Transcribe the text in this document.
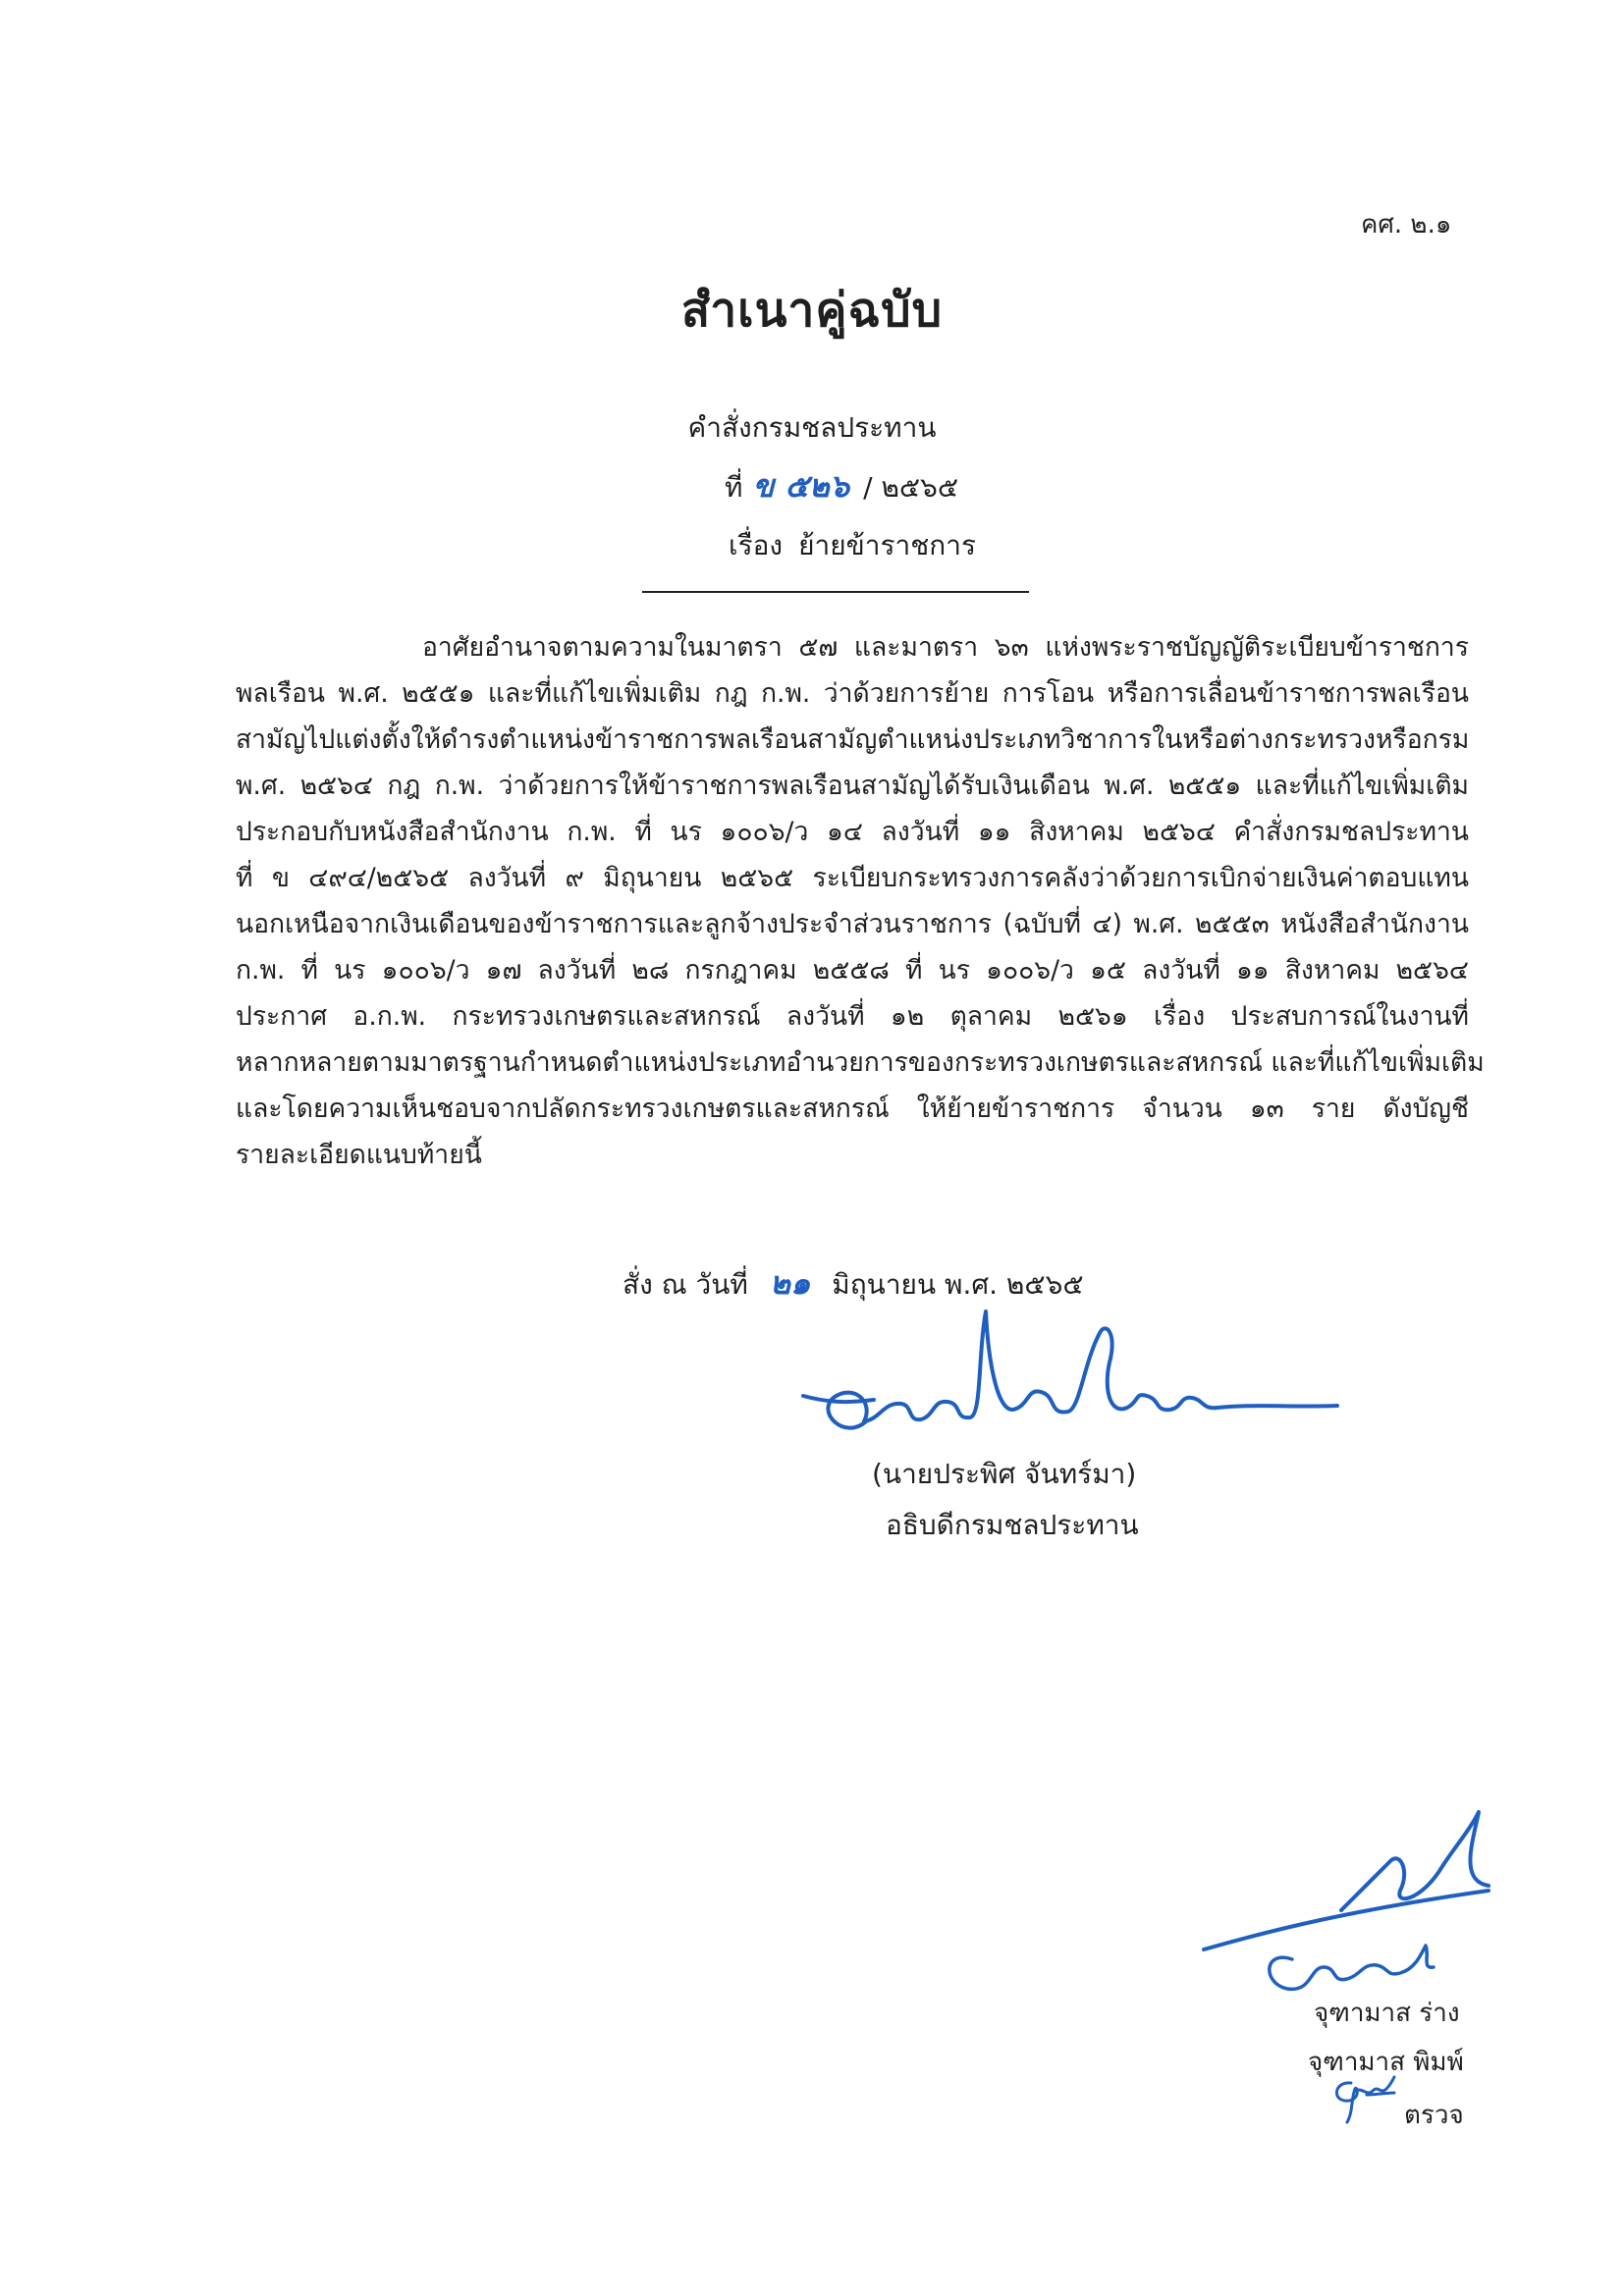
คศ. ๒.๑
สำเนาคู่ฉบับ
คำสั่งกรมชลประทาน
ที่ ข ๕๒๖ / ๒๕๖๕
เรื่อง ย้ายข้าราชการ
อาศัยอำนาจตามความในมาตรา ๕๗ และมาตรา ๖๓ แห่งพระราชบัญญัติระเบียบข้าราชการ
พลเรือน พ.ศ. ๒๕๕๑ และที่แก้ไขเพิ่มเติม กฎ ก.พ. ว่าด้วยการย้าย การโอน หรือการเลื่อนข้าราชการพลเรือน
สามัญไปแต่งตั้งให้ดำรงตำแหน่งข้าราชการพลเรือนสามัญตำแหน่งประเภทวิชาการในหรือต่างกระทรวงหรือกรม
พ.ศ. ๒๕๖๔ กฎ ก.พ. ว่าด้วยการให้ข้าราชการพลเรือนสามัญได้รับเงินเดือน พ.ศ. ๒๕๕๑ และที่แก้ไขเพิ่มเติม
ประกอบกับหนังสือสำนักงาน ก.พ. ที่ นร ๑๐๐๖/ว ๑๔ ลงวันที่ ๑๑ สิงหาคม ๒๕๖๔ คำสั่งกรมชลประทาน
ที่ ข ๔๙๔/๒๕๖๕ ลงวันที่ ๙ มิถุนายน ๒๕๖๕ ระเบียบกระทรวงการคลังว่าด้วยการเบิกจ่ายเงินค่าตอบแทน
นอกเหนือจากเงินเดือนของข้าราชการและลูกจ้างประจำส่วนราชการ (ฉบับที่ ๔) พ.ศ. ๒๕๕๓ หนังสือสำนักงาน
ก.พ. ที่ นร ๑๐๐๖/ว ๑๗ ลงวันที่ ๒๘ กรกฎาคม ๒๕๕๘ ที่ นร ๑๐๐๖/ว ๑๕ ลงวันที่ ๑๑ สิงหาคม ๒๕๖๔
ประกาศ อ.ก.พ. กระทรวงเกษตรและสหกรณ์ ลงวันที่ ๑๒ ตุลาคม ๒๕๖๑ เรื่อง ประสบการณ์ในงานที่
หลากหลายตามมาตรฐานกำหนดตำแหน่งประเภทอำนวยการของกระทรวงเกษตรและสหกรณ์ และที่แก้ไขเพิ่มเติม
และโดยความเห็นชอบจากปลัดกระทรวงเกษตรและสหกรณ์ ให้ย้ายข้าราชการ จำนวน ๑๓ ราย ดังบัญชี
รายละเอียดแนบท้ายนี้
สั่ง ณ วันที่ ๒๑ มิถุนายน พ.ศ. ๒๕๖๕
(นายประพิศ จันทร์มา)
อธิบดีกรมชลประทาน
จุฑามาส ร่าง
จุฑามาส พิมพ์
ตรวจ
